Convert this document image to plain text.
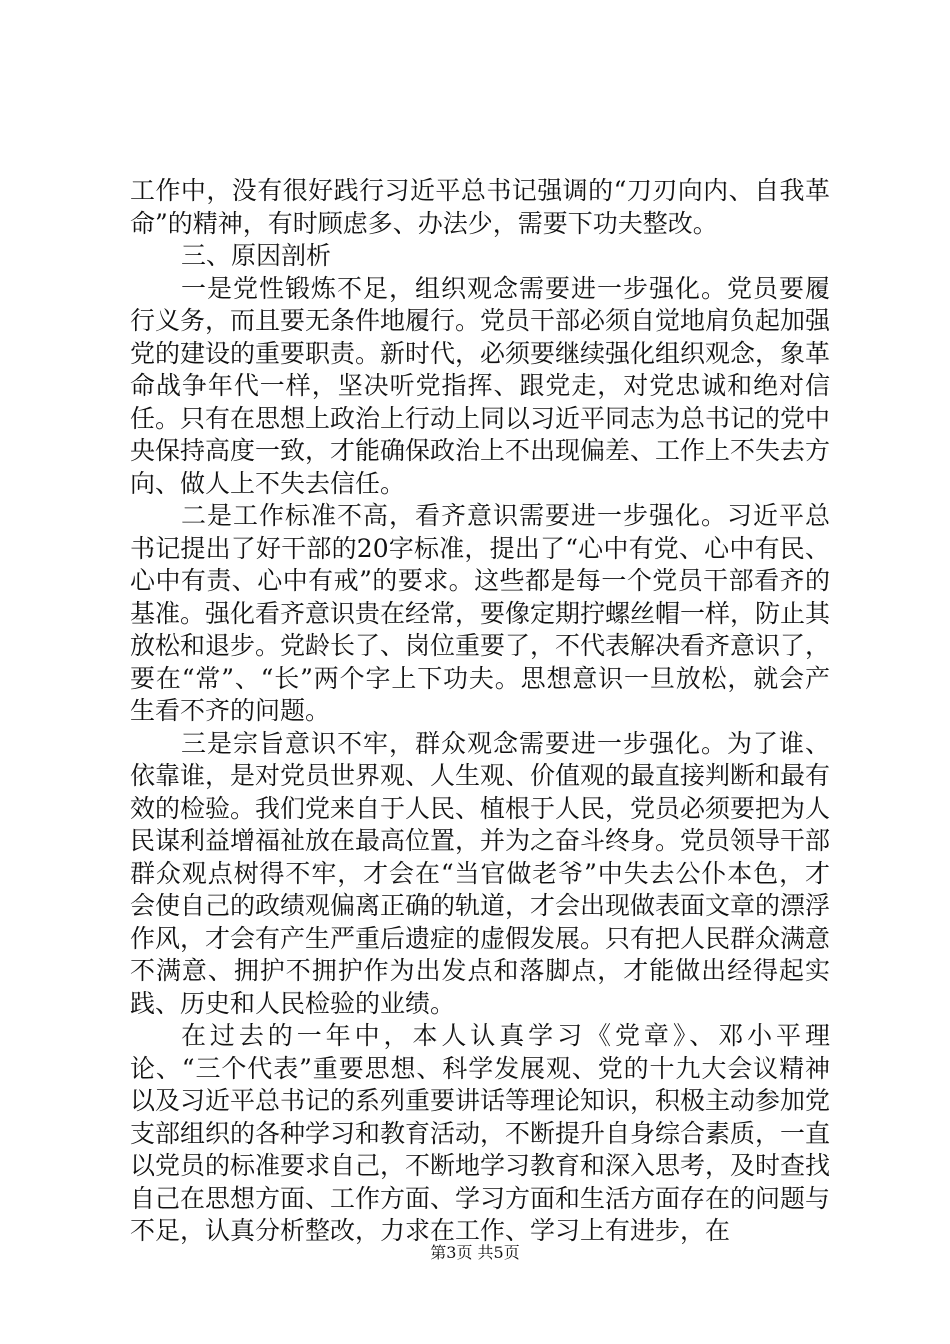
工作中，没有很好践行习近平总书记强调的“刀刃向内、自我革命”的精神，有时顾虑多、办法少，需要下功夫整改。

三、原因剖析

一是党性锻炼不足，组织观念需要进一步强化。党员要履行义务，而且要无条件地履行。党员干部必须自觉地肩负起加强党的建设的重要职责。新时代，必须要继续强化组织观念，象革命战争年代一样，坚决听党指挥、跟党走，对党忠诚和绝对信任。只有在思想上政治上行动上同以习近平同志为总书记的党中央保持高度一致，才能确保政治上不出现偏差、工作上不失去方向、做人上不失去信任。

二是工作标准不高，看齐意识需要进一步强化。习近平总书记提出了好干部的20字标准，提出了“心中有党、心中有民、心中有责、心中有戒”的要求。这些都是每一个党员干部看齐的基准。强化看齐意识贵在经常，要像定期拧螺丝帽一样，防止其放松和退步。党龄长了、岗位重要了，不代表解决看齐意识了，要在“常”、“长”两个字上下功夫。思想意识一旦放松，就会产生看不齐的问题。

三是宗旨意识不牢，群众观念需要进一步强化。为了谁、依靠谁，是对党员世界观、人生观、价值观的最直接判断和最有效的检验。我们党来自于人民、植根于人民，党员必须要把为人民谋利益增福祉放在最高位置，并为之奋斗终身。党员领导干部群众观点树得不牢，才会在“当官做老爷”中失去公仆本色，才会使自己的政绩观偏离正确的轨道，才会出现做表面文章的漂浮作风，才会有产生严重后遗症的虚假发展。只有把人民群众满意不满意、拥护不拥护作为出发点和落脚点，才能做出经得起实践、历史和人民检验的业绩。

在过去的一年中，本人认真学习《党章》、邓小平理论、“三个代表”重要思想、科学发展观、党的十九大会议精神以及习近平总书记的系列重要讲话等理论知识，积极主动参加党支部组织的各种学习和教育活动，不断提升自身综合素质，一直以党员的标准要求自己，不断地学习教育和深入思考，及时查找自己在思想方面、工作方面、学习方面和生活方面存在的问题与不足，认真分析整改，力求在工作、学习上有进步，在

第3页 共5页
